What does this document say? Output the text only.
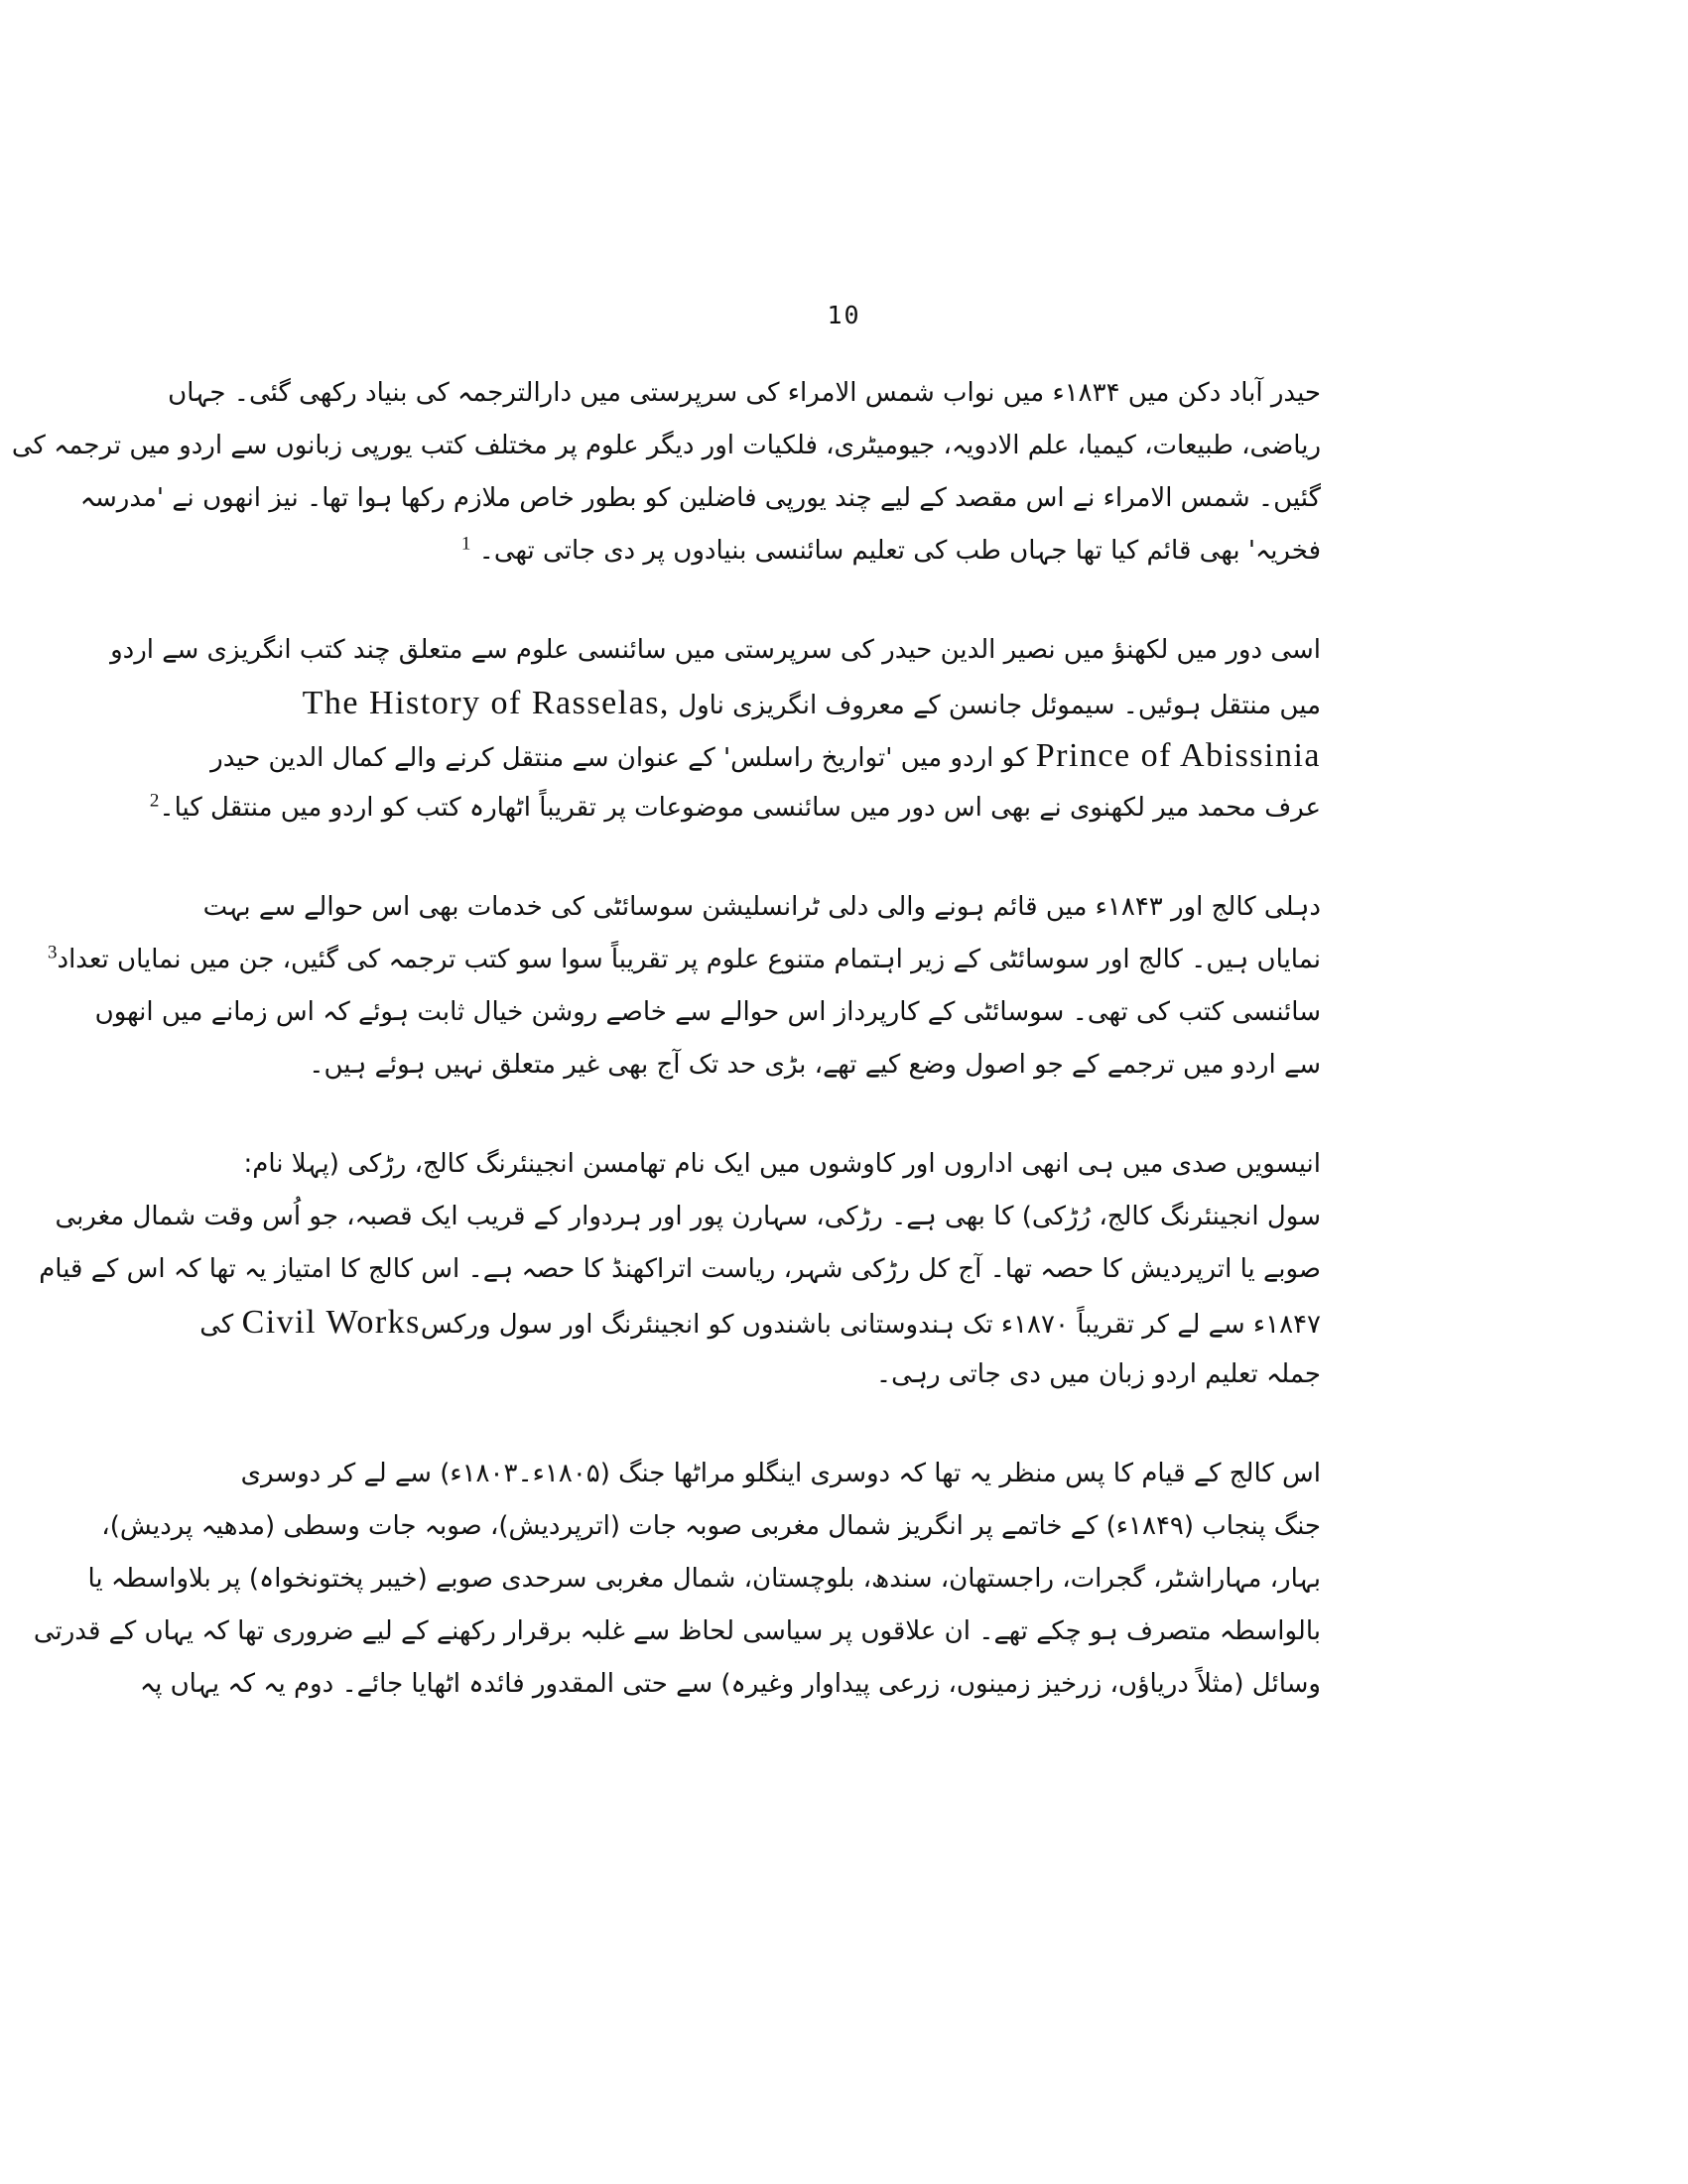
10
حیدر آباد دکن میں ۱۸۳۴ء میں نواب شمس الامراء کی سرپرستی میں دارالترجمہ کی بنیاد رکھی گئی۔ جہاں
ریاضی، طبیعات، کیمیا، علم الادویہ، جیومیٹری، فلکیات اور دیگر علوم پر مختلف کتب یورپی زبانوں سے اردو میں ترجمہ کی
گئیں۔ شمس الامراء نے اس مقصد کے لیے چند یورپی فاضلین کو بطور خاص ملازم رکھا ہوا تھا۔ نیز انھوں نے 'مدرسہ
فخریہ' بھی قائم کیا تھا جہاں طب کی تعلیم سائنسی بنیادوں پر دی جاتی تھی۔ $^1$
اسی دور میں لکھنؤ میں نصیر الدین حیدر کی سرپرستی میں سائنسی علوم سے متعلق چند کتب انگریزی سے اردو
میں منتقل ہوئیں۔ سیموئل جانسن کے معروف انگریزی ناول The History of Rasselas,
Prince of Abissinia کو اردو میں 'تواریخ راسلس' کے عنوان سے منتقل کرنے والے کمال الدین حیدر
عرف محمد میر لکھنوی نے بھی اس دور میں سائنسی موضوعات پر تقریباً اٹھارہ کتب کو اردو میں منتقل کیا۔$^2$
دہلی کالج اور ۱۸۴۳ء میں قائم ہونے والی دلی ٹرانسلیشن سوسائٹی کی خدمات بھی اس حوالے سے بہت
نمایاں ہیں۔ کالج اور سوسائٹی کے زیر اہتمام متنوع علوم پر تقریباً سوا سو کتب ترجمہ کی گئیں، جن میں نمایاں تعداد$^3$
سائنسی کتب کی تھی۔ سوسائٹی کے کارپرداز اس حوالے سے خاصے روشن خیال ثابت ہوئے کہ اس زمانے میں انھوں
سے اردو میں ترجمے کے جو اصول وضع کیے تھے، بڑی حد تک آج بھی غیر متعلق نہیں ہوئے ہیں۔
انیسویں صدی میں ہی انھی اداروں اور کاوشوں میں ایک نام تھامسن انجینئرنگ کالج، رڑکی (پہلا نام:
سول انجینئرنگ کالج، رُڑکی) کا بھی ہے۔ رڑکی، سہارن پور اور ہردوار کے قریب ایک قصبہ، جو اُس وقت شمال مغربی
صوبے یا اترپردیش کا حصہ تھا۔ آج کل رڑکی شہر، ریاست اتراکھنڈ کا حصہ ہے۔ اس کالج کا امتیاز یہ تھا کہ اس کے قیام
۱۸۴۷ء سے لے کر تقریباً ۱۸۷۰ء تک ہندوستانی باشندوں کو انجینئرنگ اور سول ورکسCivil Works کی
جملہ تعلیم اردو زبان میں دی جاتی رہی۔
اس کالج کے قیام کا پس منظر یہ تھا کہ دوسری اینگلو مراٹھا جنگ (۱۸۰۵ء۔۱۸۰۳ء) سے لے کر دوسری
جنگ پنجاب (۱۸۴۹ء) کے خاتمے پر انگریز شمال مغربی صوبہ جات (اترپردیش)، صوبہ جات وسطی (مدھیہ پردیش)،
بہار، مہاراشٹر، گجرات، راجستھان، سندھ، بلوچستان، شمال مغربی سرحدی صوبے (خیبر پختونخواہ) پر بلاواسطہ یا
بالواسطہ متصرف ہو چکے تھے۔ ان علاقوں پر سیاسی لحاظ سے غلبہ برقرار رکھنے کے لیے ضروری تھا کہ یہاں کے قدرتی
وسائل (مثلاً دریاؤں، زرخیز زمینوں، زرعی پیداوار وغیرہ) سے حتی المقدور فائدہ اٹھایا جائے۔ دوم یہ کہ یہاں پہ
